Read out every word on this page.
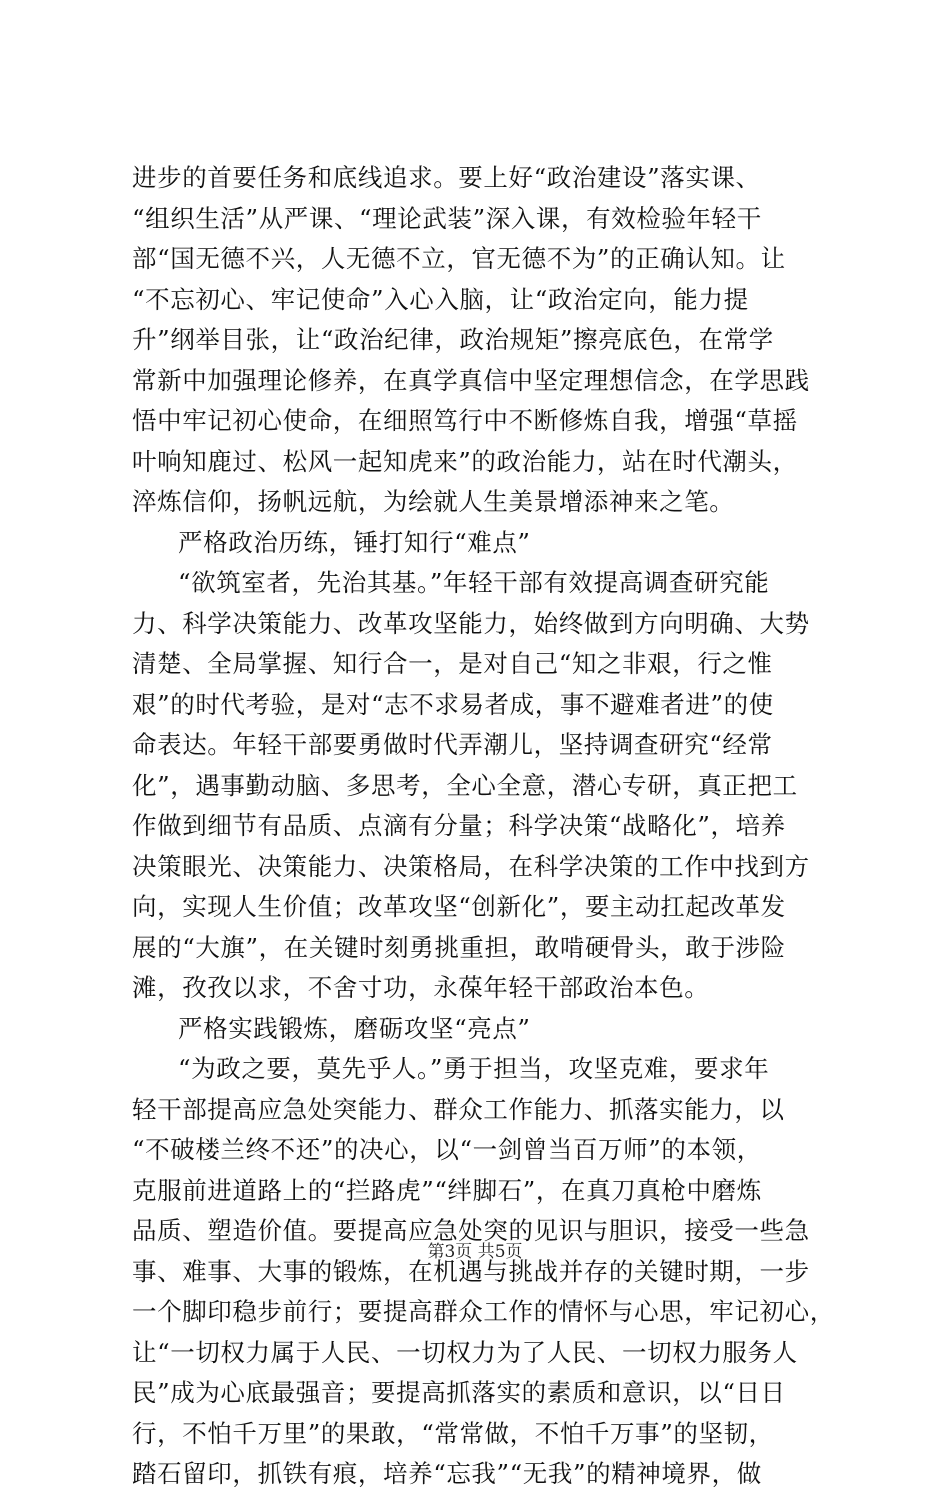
进步的首要任务和底线追求。要上好“政治建设”落实课、
“组织生活”从严课、“理论武装”深入课，有效检验年轻干
部“国无德不兴，人无德不立，官无德不为”的正确认知。让
“不忘初心、牢记使命”入心入脑，让“政治定向，能力提
升”纲举目张，让“政治纪律，政治规矩”擦亮底色，在常学
常新中加强理论修养，在真学真信中坚定理想信念，在学思践
悟中牢记初心使命，在细照笃行中不断修炼自我，增强“草摇
叶响知鹿过、松风一起知虎来”的政治能力，站在时代潮头，
淬炼信仰，扬帆远航，为绘就人生美景增添神来之笔。
严格政治历练，锤打知行“难点”
“欲筑室者，先治其基。”年轻干部有效提高调查研究能
力、科学决策能力、改革攻坚能力，始终做到方向明确、大势
清楚、全局掌握、知行合一，是对自己“知之非艰，行之惟
艰”的时代考验，是对“志不求易者成，事不避难者进”的使
命表达。年轻干部要勇做时代弄潮儿，坚持调查研究“经常
化”，遇事勤动脑、多思考，全心全意，潜心专研，真正把工
作做到细节有品质、点滴有分量；科学决策“战略化”，培养
决策眼光、决策能力、决策格局，在科学决策的工作中找到方
向，实现人生价值；改革攻坚“创新化”，要主动扛起改革发
展的“大旗”，在关键时刻勇挑重担，敢啃硬骨头，敢于涉险
滩，孜孜以求，不舍寸功，永葆年轻干部政治本色。
严格实践锻炼，磨砺攻坚“亮点”
“为政之要，莫先乎人。”勇于担当，攻坚克难，要求年
轻干部提高应急处突能力、群众工作能力、抓落实能力，以
“不破楼兰终不还”的决心，以“一剑曾当百万师”的本领，
克服前进道路上的“拦路虎”“绊脚石”，在真刀真枪中磨炼
品质、塑造价值。要提高应急处突的见识与胆识，接受一些急
事、难事、大事的锻炼，在机遇与挑战并存的关键时期，一步
一个脚印稳步前行；要提高群众工作的情怀与心思，牢记初心，
让“一切权力属于人民、一切权力为了人民、一切权力服务人
民”成为心底最强音；要提高抓落实的素质和意识，以“日日
行，不怕千万里”的果敢，“常常做，不怕千万事”的坚韧，
踏石留印，抓铁有痕，培养“忘我”“无我”的精神境界，做
第3页 共5页
